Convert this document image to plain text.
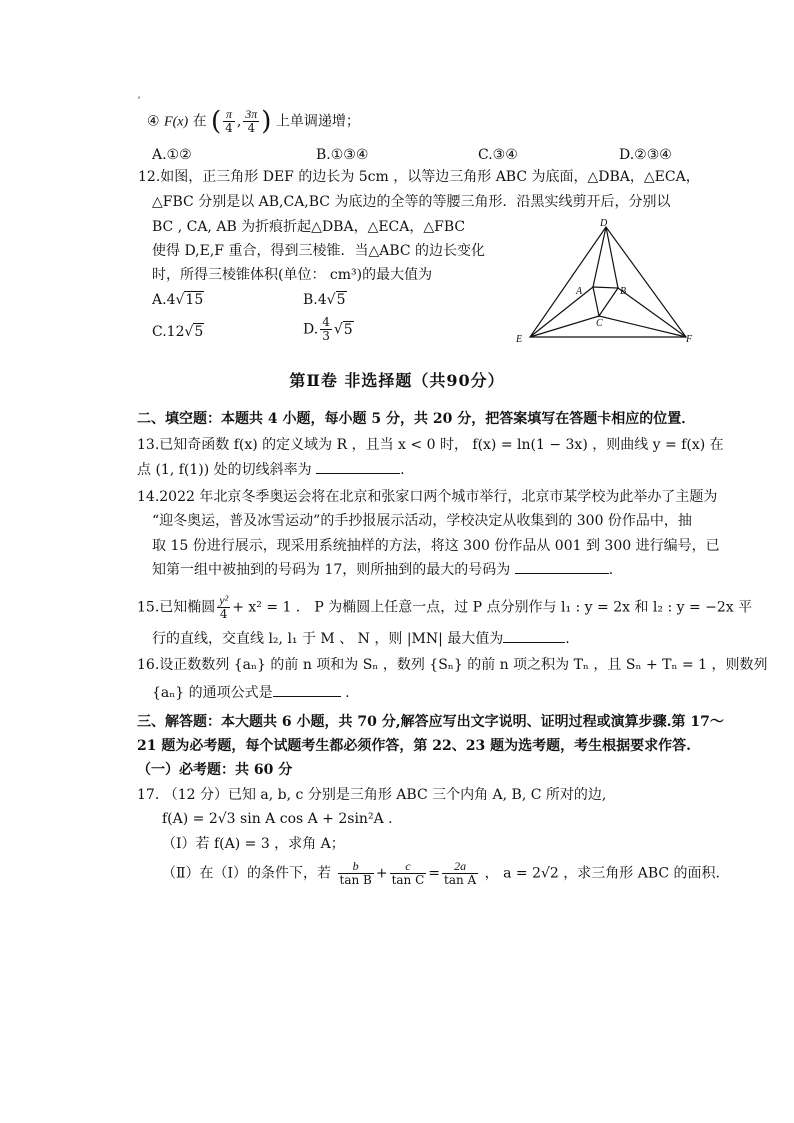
⸴
④ F(x) 在 ( $\frac{\pi}{4}$ , $\frac{3\pi}{4}$ ) 上单调递增；
A.①②	B.①③④	C.③④	D.②③④
12.如图，正三角形 DEF 的边长为 5cm ，以等边三角形 ABC 为底面，△DBA，△ECA，
△FBC 分别是以 AB,CA,BC 为底边的全等的等腰三角形．沿黑实线剪开后，分别以
BC , CA, AB 为折痕折起△DBA，△ECA，△FBC
使得 D,E,F 重合，得到三棱锥．当△ABC 的边长变化
时，所得三棱锥体积(单位： cm³)的最大值为
A.4√15	B.4√5
C.12√5	D. $\frac{4}{3} √5$
D
E	F
A	B
C
第Ⅱ卷 非选择题（共90分）
二、填空题：本题共 4 小题，每小题 5 分，共 20 分，把答案填写在答题卡相应的位置．
13.已知奇函数 f(x) 的定义域为 R ，且当 x < 0 时， f(x) = ln(1 − 3x) ，则曲线 y = f(x) 在
点 (1, f(1)) 处的切线斜率为	.
14.2022 年北京冬季奥运会将在北京和张家口两个城市举行，北京市某学校为此举办了主题为
“迎冬奥运，普及冰雪运动”的手抄报展示活动，学校决定从收集到的 300 份作品中，抽
取 15 份进行展示，现采用系统抽样的方法，将这 300 份作品从 001 到 300 进行编号，已
知第一组中被抽到的号码为 17，则所抽到的最大的号码为	.
15.已知椭圆 $\frac{\text{y²}}{4} + x^2 = 1$ ． P 为椭圆上任意一点，过 P 点分别作与 l₁ : y = 2x 和 l₂ : y = −2x 平
行的直线，交直线 l₂, l₁ 于 M 、 N ，则 |MN| 最大值为	.
16.设正数数列 {aₙ} 的前 n 项和为 Sₙ ，数列 {Sₙ} 的前 n 项之积为 Tₙ ，且 Sₙ + Tₙ = 1 ，则数列
{aₙ} 的通项公式是	.
三、解答题：本大题共 6 小题，共 70 分,解答应写出文字说明、证明过程或演算步骤.第 17～
21 题为必考题，每个试题考生都必须作答，第 22、23 题为选考题，考生根据要求作答.
（一）必考题：共 60 分
17. （12 分）已知 a, b, c 分别是三角形 ABC 三个内角 A, B, C 所对的边,
f(A) = 2√3 sin A cos A + 2sin²A .
（Ⅰ）若 f(A) = 3 ，求角 A；
（Ⅱ）在（Ⅰ）的条件下，若 $\frac{b}{\text{tan B}} + \frac{c}{\text{tan C}} = \frac{2a}{\text{tan A}}$ ， a = 2√2 ，求三角形 ABC 的面积.
